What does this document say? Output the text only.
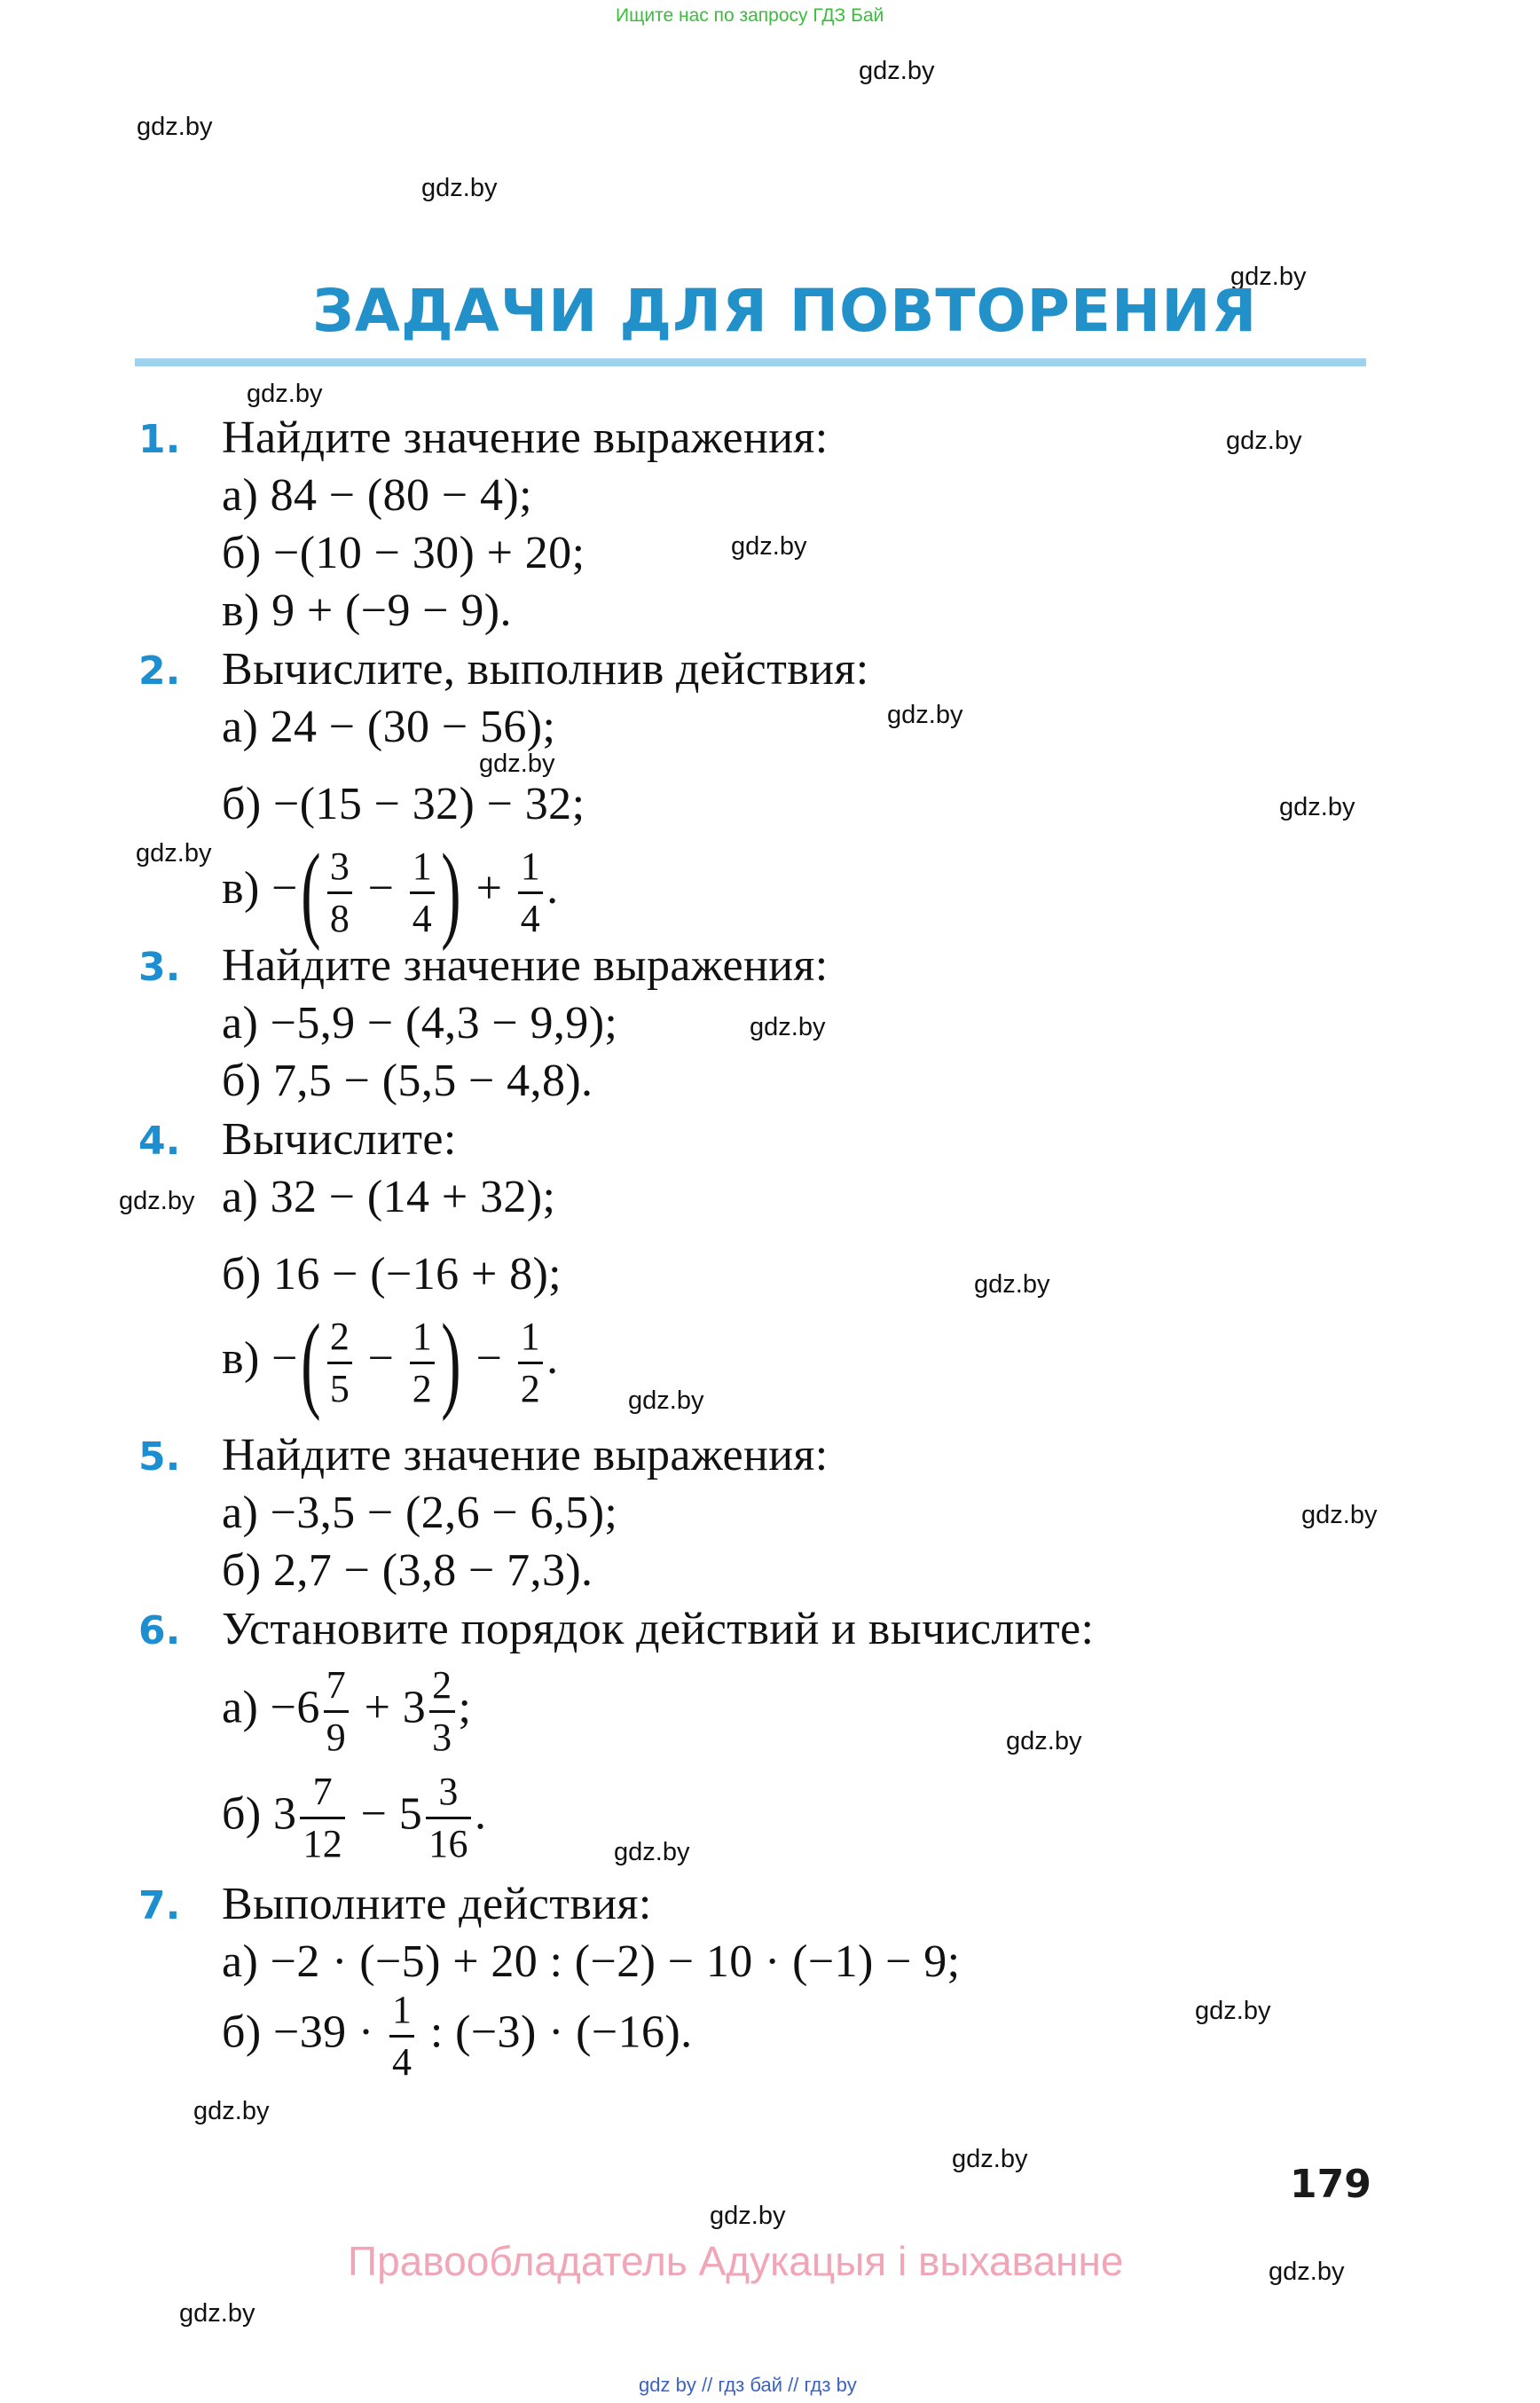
Ищите нас по запросу ГДЗ Бай
gdz.by
gdz.by
gdz.by
gdz.by
gdz.by
gdz.by
gdz.by
gdz.by
gdz.by
gdz.by
gdz.by
gdz.by
gdz.by
gdz.by
gdz.by
gdz.by
gdz.by
gdz.by
gdz.by
gdz.by
gdz.by
gdz.by
gdz.by
gdz.by
ЗАДАЧИ ДЛЯ ПОВТОРЕНИЯ
1. Найдите значение выражения:
а) 84 − (80 − 4);
б) −(10 − 30) + 20;
в) 9 + (−9 − 9).
2. Вычислите, выполнив действия:
а) 24 − (30 − 56);
б) −(15 − 32) − 32;
в) −( $\frac{3}{8} - \frac{1}{4}$ ) + $\frac{1}{4}$ .
3. Найдите значение выражения:
а) −5,9 − (4,3 − 9,9);
б) 7,5 − (5,5 − 4,8).
4. Вычислите:
а) 32 − (14 + 32);
б) 16 − (−16 + 8);
в) −( $\frac{2}{5} - \frac{1}{2}$ ) − $\frac{1}{2}$ .
5. Найдите значение выражения:
а) −3,5 − (2,6 − 6,5);
б) 2,7 − (3,8 − 7,3).
6. Установите порядок действий и вычислите:
$а) -6 \frac{7}{9} + 3 \frac{2}{3}$ ;
б) $3 \frac{7}{12} - 5 \frac{3}{16}$ .
7. Выполните действия:
а) −2 · (−5) + 20 : (−2) − 10 · (−1) − 9;
$б) -39 \cdot \frac{1}{4}$ : (−3) · (−16).
179
Правообладатель Адукацыя і выхаванне
gdz by // гдз бай // гдз by
